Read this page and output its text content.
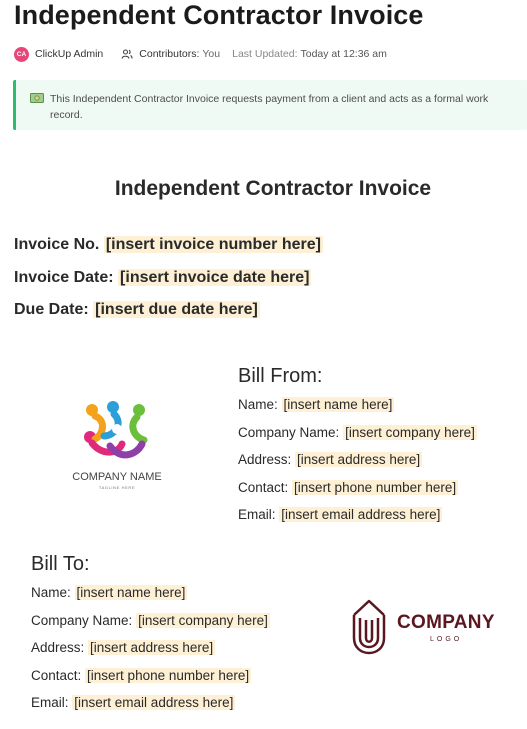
Independent Contractor Invoice
CA ClickUp Admin	Contributors: You Last Updated: Today at 12:36 am
This Independent Contractor Invoice requests payment from a client and acts as a formal work record.
Independent Contractor Invoice
Invoice No. [insert invoice number here]
Invoice Date: [insert invoice date here]
Due Date: [insert due date here]
COMPANY NAME
TAGLINE HERE
Bill From:
Name: [insert name here]
Company Name: [insert company here]
Address: [insert address here]
Contact: [insert phone number here]
Email: [insert email address here]
Bill To:
Name: [insert name here]
Company Name: [insert company here]
Address: [insert address here]
Contact: [insert phone number here]
Email: [insert email address here]
COMPANY
LOGO
